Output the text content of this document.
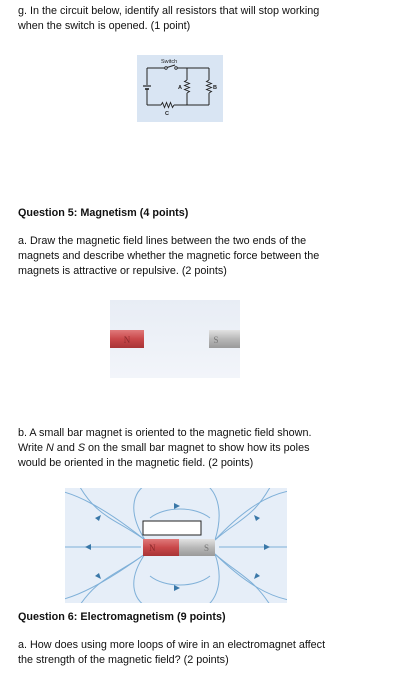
g. In the circuit below, identify all resistors that will stop working when the switch is opened. (1 point)

Switch
C
A	B

Question 5: Magnetism (4 points)

a. Draw the magnetic field lines between the two ends of the magnets and describe whether the magnetic force between the magnets is attractive or repulsive. (2 points)

N	S

b. A small bar magnet is oriented to the magnetic field shown. Write N and S on the small bar magnet to show how its poles would be oriented in the magnetic field. (2 points)

N	S

Question 6: Electromagnetism (9 points)

a. How does using more loops of wire in an electromagnet affect the strength of the magnetic field? (2 points)
